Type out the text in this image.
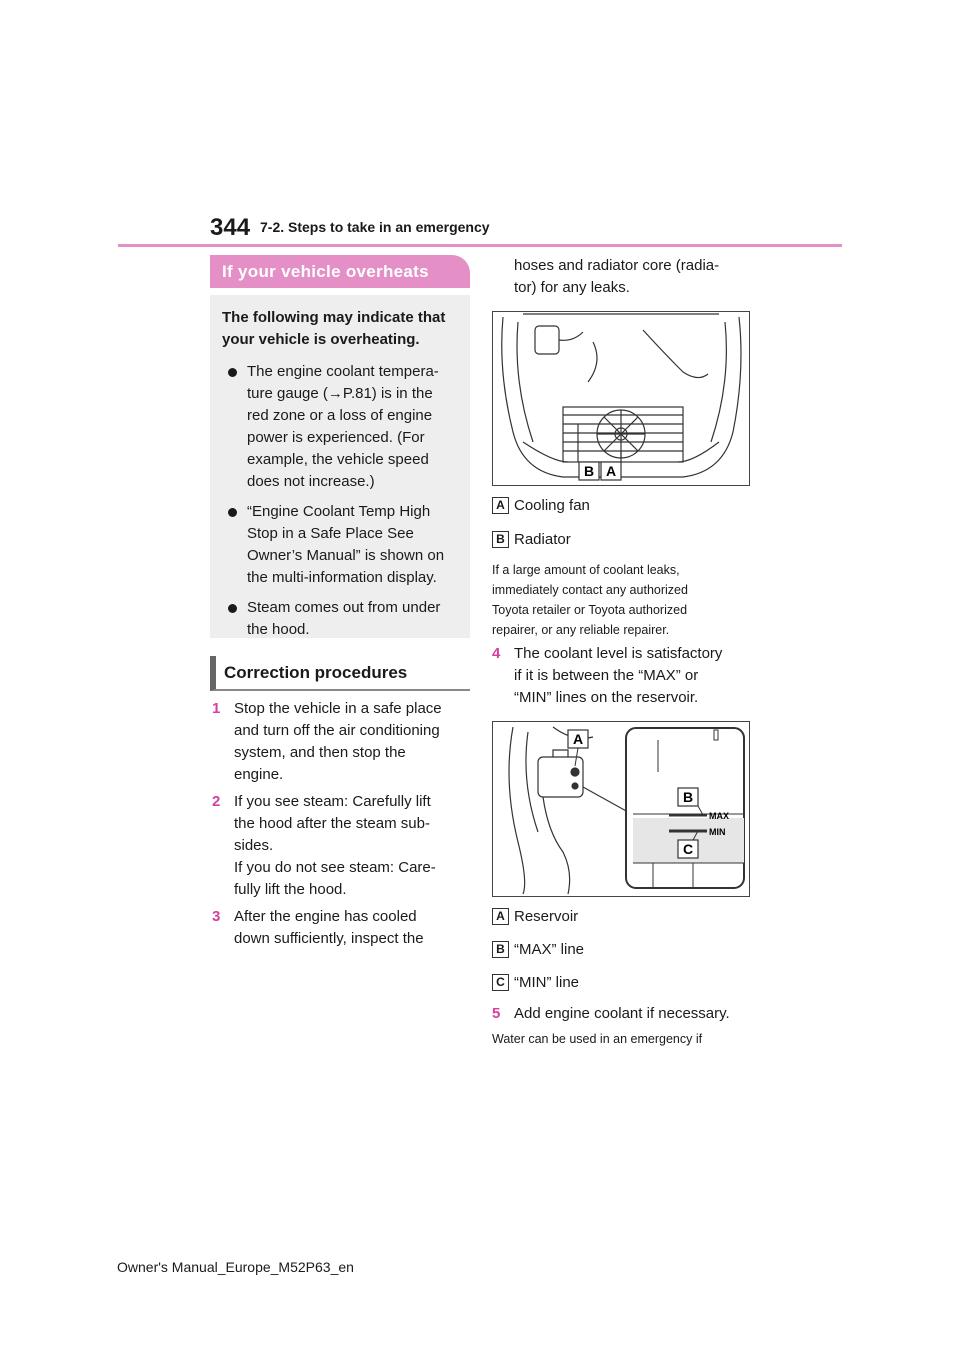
344 7-2. Steps to take in an emergency
If your vehicle overheats
The following may indicate that your vehicle is overheating.
The engine coolant tempera-
ture gauge (→P.81) is in the
red zone or a loss of engine
power is experienced. (For
example, the vehicle speed
does not increase.)
“Engine Coolant Temp High
Stop in a Safe Place See
Owner’s Manual” is shown on
the multi-information display.
Steam comes out from under
the hood.
Correction procedures
1 Stop the vehicle in a safe place
and turn off the air conditioning
system, and then stop the
engine.
2 If you see steam: Carefully lift
the hood after the steam sub-
sides.
If you do not see steam: Care-
fully lift the hood.
3 After the engine has cooled
down sufficiently, inspect the
hoses and radiator core (radia-
tor) for any leaks.
B A
A Cooling fan
B Radiator
If a large amount of coolant leaks,
immediately contact any authorized
Toyota retailer or Toyota authorized
repairer, or any reliable repairer.
4 The coolant level is satisfactory
if it is between the “MAX” or
“MIN” lines on the reservoir.
MAX
MIN
A
B
C
A Reservoir
B “MAX” line
C “MIN” line
5 Add engine coolant if necessary.
Water can be used in an emergency if
Owner's Manual_Europe_M52P63_en
